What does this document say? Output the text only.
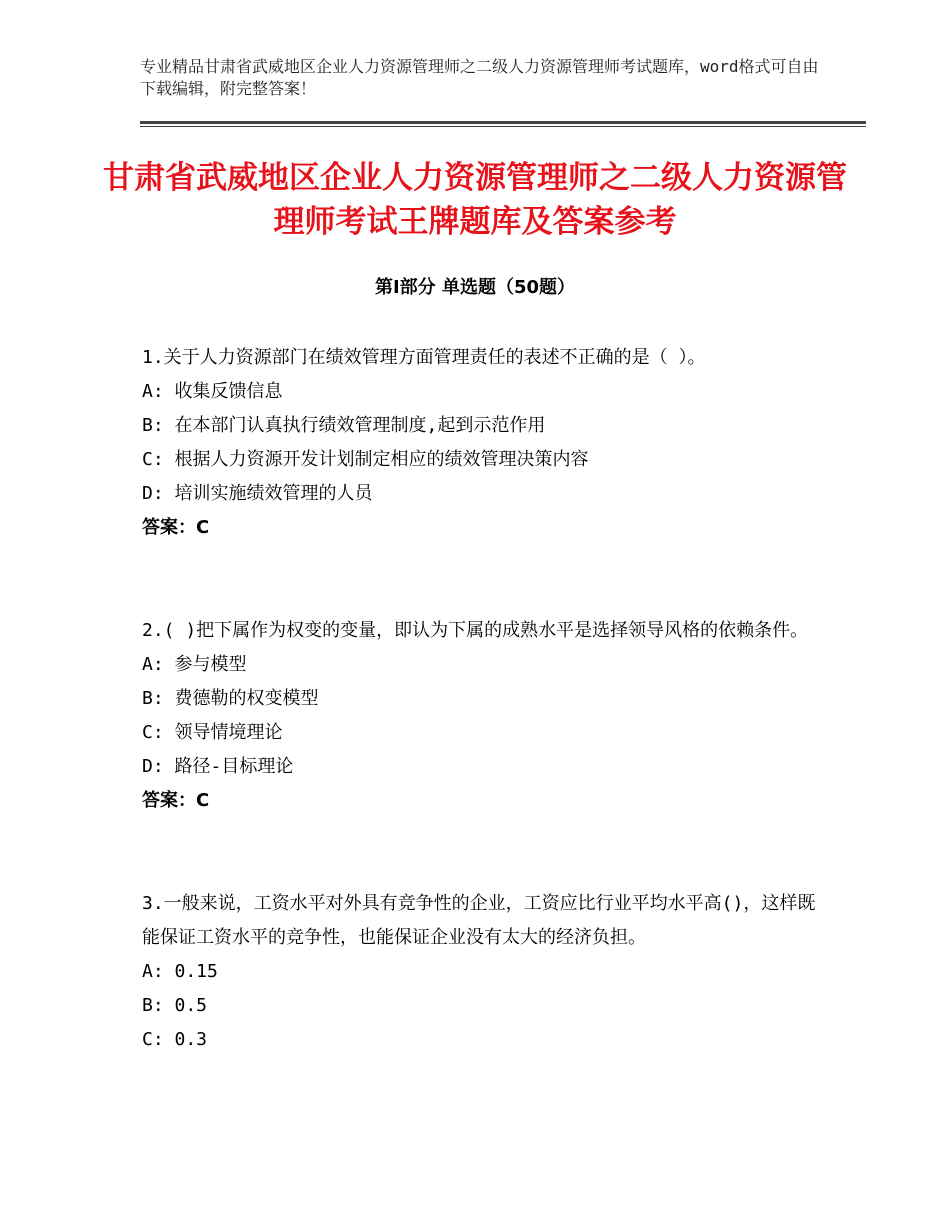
专业精品甘肃省武威地区企业人力资源管理师之二级人力资源管理师考试题库，word格式可自由下载编辑，附完整答案！
甘肃省武威地区企业人力资源管理师之二级人力资源管理师考试王牌题库及答案参考
第Ⅰ部分 单选题（50题）
1.关于人力资源部门在绩效管理方面管理责任的表述不正确的是（ ）。
A: 收集反馈信息
B: 在本部门认真执行绩效管理制度,起到示范作用
C: 根据人力资源开发计划制定相应的绩效管理决策内容
D: 培训实施绩效管理的人员
答案：C
2.( )把下属作为权变的变量，即认为下属的成熟水平是选择领导风格的依赖条件。
A: 参与模型
B: 费德勒的权变模型
C: 领导情境理论
D: 路径-目标理论
答案：C
3.一般来说，工资水平对外具有竞争性的企业，工资应比行业平均水平高()，这样既能保证工资水平的竞争性，也能保证企业没有太大的经济负担。
A: 0.15
B: 0.5
C: 0.3
